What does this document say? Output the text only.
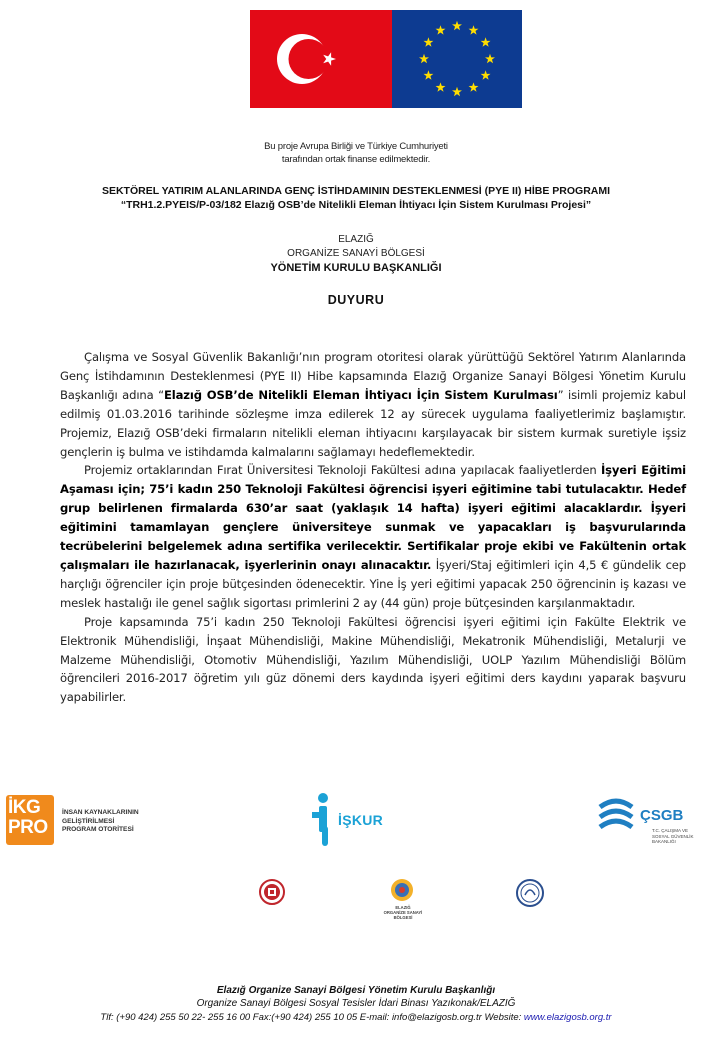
Bu proje Avrupa Birliği ve Türkiye Cumhuriyeti
tarafından ortak finanse edilmektedir.
SEKTÖREL YATIRIM ALANLARINDA GENÇ İSTİHDAMININ DESTEKLENMESİ (PYE II) HİBE PROGRAMI
“TRH1.2.PYEIS/P-03/182 Elazığ OSB’de Nitelikli Eleman İhtiyacı İçin Sistem Kurulması Projesi”
ELAZIĞ
ORGANİZE SANAYİ BÖLGESİ
YÖNETİM KURULU BAŞKANLIĞI
DUYURU

Çalışma ve Sosyal Güvenlik Bakanlığı’nın program otoritesi olarak yürüttüğü Sektörel Yatırım Alanlarında Genç İstihdamının Desteklenmesi (PYE II) Hibe kapsamında Elazığ Organize Sanayi Bölgesi Yönetim Kurulu Başkanlığı adına “Elazığ OSB’de Nitelikli Eleman İhtiyacı İçin Sistem Kurulması” isimli projemiz kabul edilmiş 01.03.2016 tarihinde sözleşme imza edilerek 12 ay sürecek uygulama faaliyetlerimiz başlamıştır. Projemiz, Elazığ OSB’deki firmaların nitelikli eleman ihtiyacını karşılayacak bir sistem kurmak suretiyle işsiz gençlerin iş bulma ve istihdamda kalmalarını sağlamayı hedeflemektedir.

Projemiz ortaklarından Fırat Üniversitesi Teknoloji Fakültesi adına yapılacak faaliyetlerden İşyeri Eğitimi Aşaması için; 75’i kadın 250 Teknoloji Fakültesi öğrencisi işyeri eğitimine tabi tutulacaktır. Hedef grup belirlenen firmalarda 630’ar saat (yaklaşık 14 hafta) işyeri eğitimi alacaklardır. İşyeri eğitimini tamamlayan gençlere üniversiteye sunmak ve yapacakları iş başvurularında tecrübelerini belgelemek adına sertifika verilecektir. Sertifikalar proje ekibi ve Fakültenin ortak çalışmaları ile hazırlanacak, işyerlerinin onayı alınacaktır. İşyeri/Staj eğitimleri için 4,5 € gündelik cep harçlığı öğrenciler için proje bütçesinden ödenecektir. Yine İş yeri eğitimi yapacak 250 öğrencinin iş kazası ve meslek hastalığı ile genel sağlık sigortası primlerini 2 ay (44 gün) proje bütçesinden karşılanmaktadır.

Proje kapsamında 75’i kadın 250 Teknoloji Fakültesi öğrencisi işyeri eğitimi için Fakülte Elektrik ve Elektronik Mühendisliği, İnşaat Mühendisliği, Makine Mühendisliği, Mekatronik Mühendisliği, Metalurji ve Malzeme Mühendisliği, Otomotiv Mühendisliği, Yazılım Mühendisliği, UOLP Yazılım Mühendisliği Bölüm öğrencileri 2016-2017 öğretim yılı güz dönemi ders kaydında işyeri eğitimi ders kaydını yaparak başvuru yapabilirler.

İKG
PRO
İNSAN KAYNAKLARININ
GELİŞTİRİLMESİ
PROGRAM OTORİTESİ
İŞKUR	ÇSGB
T.C. ÇALIŞMA VE
SOSYAL GÜVENLİK
BAKANLIĞI
ELAZIĞ
ORGANİZE SANAYİ
BÖLGESİ
Elazığ Organize Sanayi Bölgesi Yönetim Kurulu Başkanlığı
Organize Sanayi Bölgesi Sosyal Tesisler İdari Binası Yazıkonak/ELAZIĞ
Tlf: (+90 424) 255 50 22- 255 16 00 Fax:(+90 424) 255 10 05 E-mail: info@elazigosb.org.tr Website: www.elazigosb.org.tr
